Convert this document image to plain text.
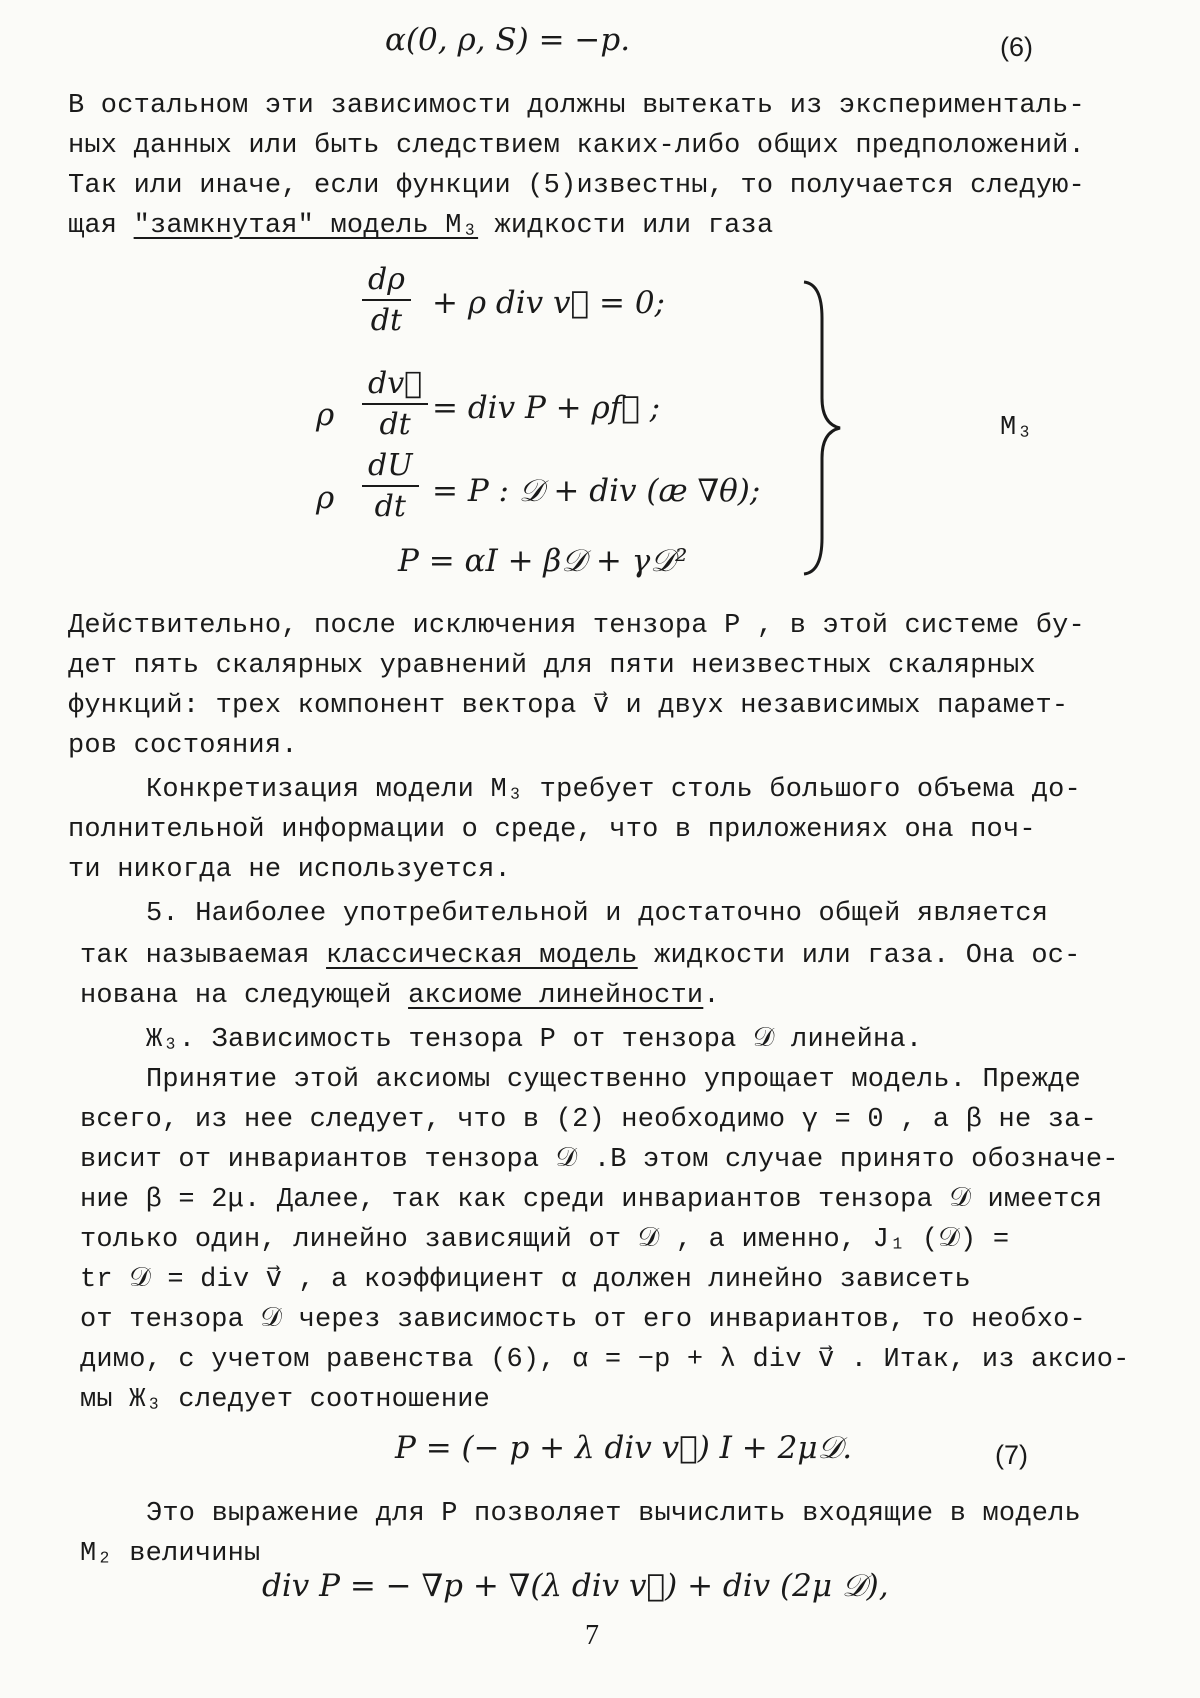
α(0, ρ, S) = −p.	(6)
В остальном эти зависимости должны вытекать из эксперименталь-
ных данных или быть следствием каких-либо общих предположений.
Так или иначе, если функции (5)известны, то получается следую-
щая "замкнутая" модель M₃ жидкости или газа
$\frac{d\rho}{dt} + \rho$ div v⃗ = 0;
ρ $\frac{dv⃗}{dt}$ = div P + ρf⃗ ;
ρ $\frac{dU}{dt} = P$ : 𝒟 + div (æ ∇θ);
P = αI + β𝒟 + γ𝒟²
M₃
Действительно, после исключения тензора P , в этой системе бу-
дет пять скалярных уравнений для пяти неизвестных скалярных
функций: трех компонент вектора v⃗ и двух независимых парамет-
ров состояния.
Конкретизация модели M₃ требует столь большого объема до-
полнительной информации о среде, что в приложениях она поч-
ти никогда не используется.
5. Наиболее употребительной и достаточно общей является
так называемая классическая модель жидкости или газа. Она ос-
нована на следующей аксиоме линейности.
Ж₃. Зависимость тензора P от тензора 𝒟 линейна.
Принятие этой аксиомы существенно упрощает модель. Прежде
всего, из нее следует, что в (2) необходимо γ = 0 , а β не за-
висит от инвариантов тензора 𝒟 .В этом случае принято обозначе-
ние β = 2μ. Далее, так как среди инвариантов тензора 𝒟 имеется
только один, линейно зависящий от 𝒟 , а именно, J₁ (𝒟) =
tr 𝒟 = div v⃗ , а коэффициент α должен линейно зависеть
от тензора 𝒟 через зависимость от его инвариантов, то необхо-
димо, с учетом равенства (6), α = −p + λ div v⃗ . Итак, из аксио-
мы Ж₃ следует соотношение
P = (− p + λ div v⃗) I + 2μ𝒟.	(7)
Это выражение для P позволяет вычислить входящие в модель
M₂ величины
div P = − ∇p + ∇(λ div v⃗) + div (2μ 𝒟),
7
